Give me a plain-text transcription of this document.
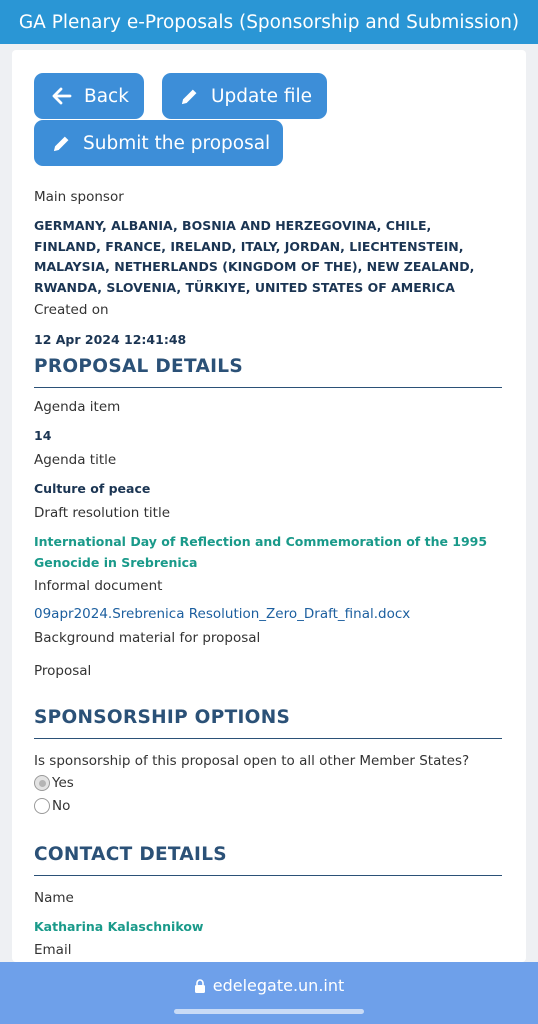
GA Plenary e-Proposals (Sponsorship and Submission)
Back	Update file
Submit the proposal
Main sponsor
GERMANY, ALBANIA, BOSNIA AND HERZEGOVINA, CHILE, FINLAND, FRANCE, IRELAND, ITALY, JORDAN, LIECHTENSTEIN, MALAYSIA, NETHERLANDS (KINGDOM OF THE), NEW ZEALAND, RWANDA, SLOVENIA, TÜRKIYE, UNITED STATES OF AMERICA
Created on
12 Apr 2024 12:41:48
PROPOSAL DETAILS
Agenda item
14
Agenda title
Culture of peace
Draft resolution title
International Day of Reflection and Commemoration of the 1995 Genocide in Srebrenica
Informal document
09apr2024.Srebrenica Resolution_Zero_Draft_final.docx
Background material for proposal
Proposal
SPONSORSHIP OPTIONS
Is sponsorship of this proposal open to all other Member States?
Yes
No
CONTACT DETAILS
Name
Katharina Kalaschnikow
Email
edelegate.un.int
